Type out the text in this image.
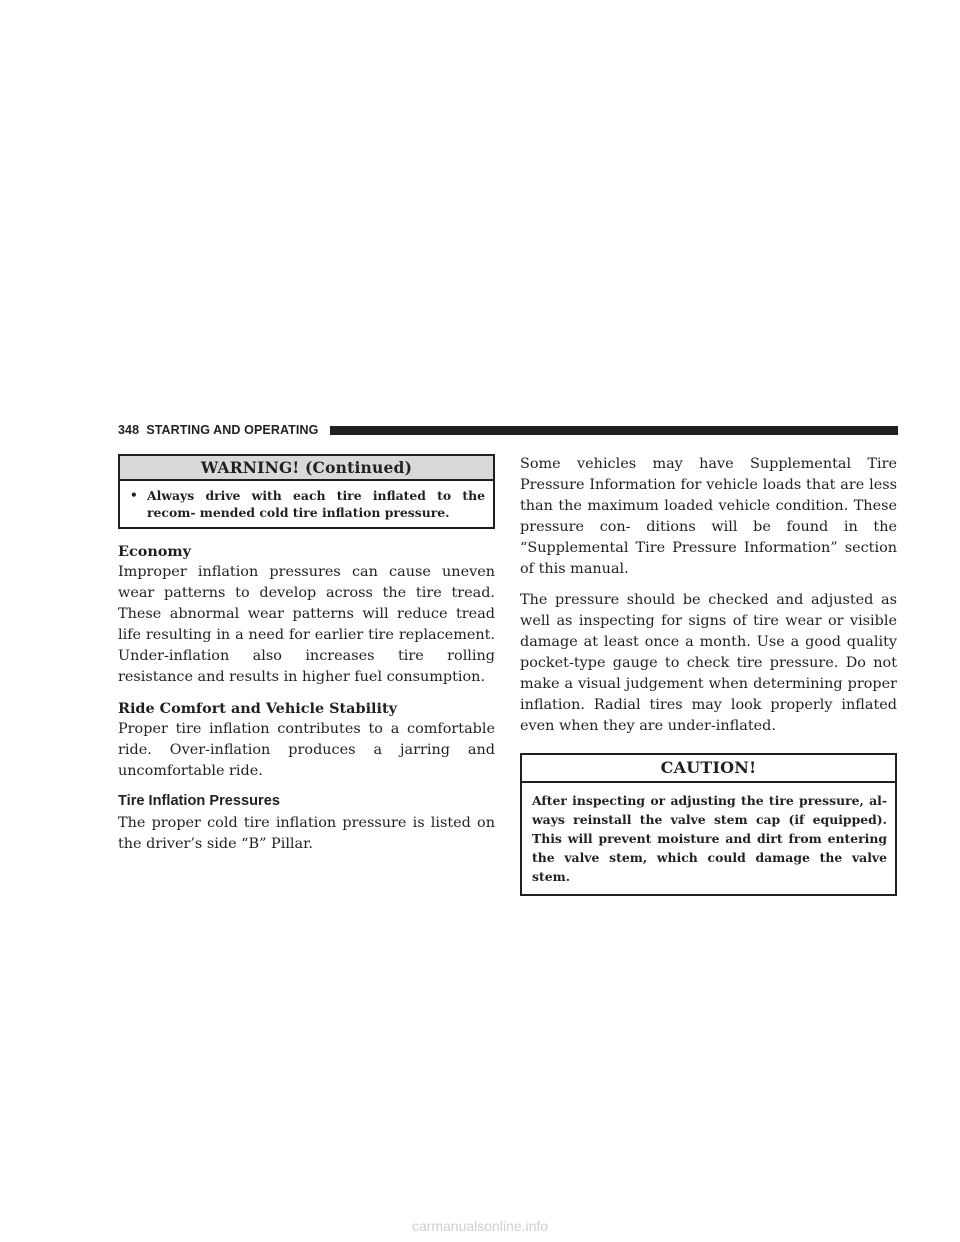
348 STARTING AND OPERATING
WARNING! (Continued)
• Always drive with each tire inflated to the recom- mended cold tire inflation pressure.

Economy

Improper inflation pressures can cause uneven wear patterns to develop across the tire tread. These abnormal wear patterns will reduce tread life resulting in a need for earlier tire replacement. Under-inflation also increases tire rolling resistance and results in higher fuel consumption.

Ride Comfort and Vehicle Stability

Proper tire inflation contributes to a comfortable ride. Over-inflation produces a jarring and uncomfortable ride.

Tire Inflation Pressures

The proper cold tire inflation pressure is listed on the driver’s side “B” Pillar.

Some vehicles may have Supplemental Tire Pressure Information for vehicle loads that are less than the maximum loaded vehicle condition. These pressure con- ditions will be found in the “Supplemental Tire Pressure Information” section of this manual.

The pressure should be checked and adjusted as well as inspecting for signs of tire wear or visible damage at least once a month. Use a good quality pocket-type gauge to check tire pressure. Do not make a visual judgement when determining proper inflation. Radial tires may look properly inflated even when they are under-inflated.

CAUTION!
After inspecting or adjusting the tire pressure, al- ways reinstall the valve stem cap (if equipped). This will prevent moisture and dirt from entering the valve stem, which could damage the valve stem.
carmanualsonline.info
